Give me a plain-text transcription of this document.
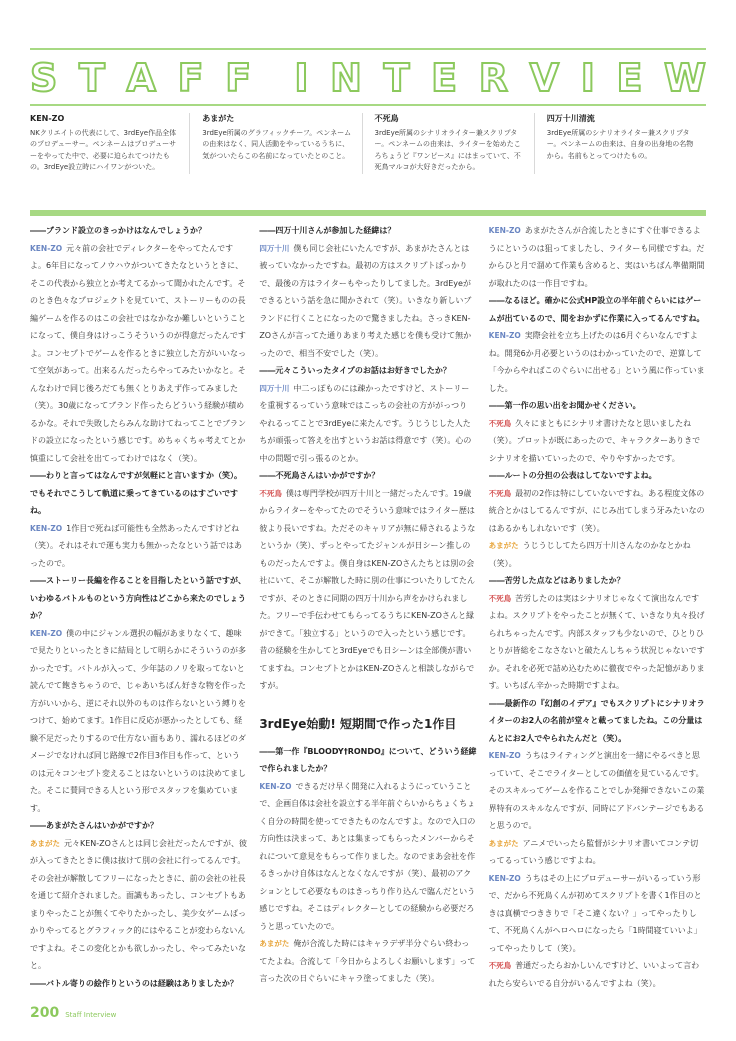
S T A F F I N T E R V I E W
KEN-ZO
NKクリエイトの代表にして、3rdEye作品全体のプロデューサー。ペンネームはプロデューサーをやってた中で、必要に迫られてつけたもの。3rdEye設立時にハイワンがついた。
あまがた
3rdEye所属のグラフィックチーフ。ペンネームの由来はなく、同人活動をやっているうちに、気がついたらこの名前になっていたとのこと。
不死鳥
3rdEye所属のシナリオライター兼スクリプター。ペンネームの由来は、ライターを始めたころちょうど『ワンピース』にはまっていて、不死鳥マルコが大好きだったから。
四万十川清流
3rdEye所属のシナリオライター兼スクリプター。ペンネームの由来は、自身の出身地の名物から。名前もとってつけたもの。

――ブランド設立のきっかけはなんでしょうか？

KEN-ZO 元々前の会社でディレクターをやってたんですよ。6年目になってノウハウがついてきたなというときに、そこの代表から独立とか考えてるかって聞かれたんです。そのとき色々なプロジェクトを見ていて、ストーリーものの長編ゲームを作るのはこの会社ではなかなか難しいということになって、僕自身はけっこうそういうのが得意だったんですよ。コンセプトでゲームを作るときに独立した方がいいなって空気があって。出来るんだったらやってみたいかなと。そんなわけで同じ後ろだても無くとりあえず作ってみました（笑）。30歳になってブランド作ったらどういう経験が積めるかな。それで失敗したらみんな助けてねってことでブランドの設立になったという感じです。めちゃくちゃ考えてとか慎重にして会社を出てってわけではなく（笑）。

――わりと言ってはなんですが気軽にと言いますか（笑）。でもそれでこうして軌道に乗ってきているのはすごいですね。

KEN-ZO 1作目で死ねば可能性も全然あったんですけどね（笑）。それはそれで運も実力も無かったなという話ではあったので。

――ストーリー長編を作ることを目指したという話ですが、いわゆるバトルものという方向性はどこから来たのでしょうか？

KEN-ZO 僕の中にジャンル選択の幅があまりなくて、趣味で見たりといったときに結局として明らかにそういうのが多かったです。バトルが入って、少年誌のノリを取ってないと読んでて飽きちゃうので、じゃあいちばん好きな物を作った方がいいから、逆にそれ以外のものは作らないという縛りをつけて、始めてます。1作目に反応が悪かったとしても、経験不足だったりするので仕方ない面もあり、濡れるほどのダメージでなければ同じ路線で2作目3作目も作って、というのは元々コンセプト変えることはないというのは決めてました。そこに賛同できる人という形でスタッフを集めています。

――あまがたさんはいかがですか？

あまがた 元々KEN-ZOさんとは同じ会社だったんですが、彼が入ってきたときに僕は抜けて別の会社に行ってるんです。その会社が解散してフリーになったときに、前の会社の社長を通じて紹介されました。面識もあったし、コンセプトもあまりやったことが無くてやりたかったし、美少女ゲームばっかりやってるとグラフィック的にはやることが変わらないんですよね。そこの変化とかも欲しかったし、やってみたいなと。

――バトル寄りの絵作りというのは経験はありましたか？

――四万十川さんが参加した経緯は？

四万十川 僕も同じ会社にいたんですが、あまがたさんとは被っていなかったですね。最初の方はスクリプトばっかりで、最後の方はライターもやったりしてました。3rdEyeができるという話を急に聞かされて（笑）。いきなり新しいブランドに行くことになったので驚きましたね。さっきKEN-ZOさんが言ってた通りあまり考えた感じを僕も受けて無かったので、相当不安でした（笑）。

――元々こういったタイプのお話はお好きでしたか？

四万十川 中二っぽものには疎かったですけど、ストーリーを重視するっていう意味ではこっちの会社の方ががっつり やれるってことで3rdEyeに来たんです。うじうじした人たちが頑張って答えを出すというお話は得意です（笑）。心の中の問題で引っ張るのとか。

――不死鳥さんはいかがですか？

不死鳥 僕は専門学校が四万十川と一緒だったんです。19歳からライターをやってたのでそういう意味ではライター歴は彼より長いですね。ただそのキャリアが無に帰されるようなというか（笑）、ずっとやってたジャンルが日シーン推しのものだったんですよ。僕自身はKEN-ZOさんたちとは別の会社にいて、そこが解散した時に別の仕事についたりしてたんですが、そのときに同期の四万十川から声をかけられました。フリーで手伝わせてもらってるうちにKEN-ZOさんと縁ができて。「独立する」というので入ったという感じです。昔の経験を生かしてと3rdEyeでも日シーンは全部僕が書いてますね。コンセプトとかはKEN-ZOさんと相談しながらですが。

3rdEye始動! 短期間で作った1作目

――第一作『BLOODY†RONDO』について、どういう経緯で作られましたか？

KEN-ZO できるだけ早く開発に入れるようにっていうことで、企画自体は会社を設立する半年前ぐらいからちょくちょく自分の時間を使ってできたものなんですよ。なので入口の方向性は決まって、あとは集まってもらったメンバーからそれについて意見をもらって作りました。なのでまあ会社を作るきっかけ自体はなんとなくなんですが（笑）、最初のアクションとして必要なものはきっちり作り込んで臨んだという感じですね。そこはディレクターとしての経験から必要だろうと思っていたので。

あまがた 俺が合流した時にはキャラデザ半分ぐらい終わってたよね。合流して「今日からよろしくお願いします」って言った次の日ぐらいにキャラ塗ってました（笑）。

KEN-ZO あまがたさんが合流したときにすぐ仕事できるようにというのは狙ってましたし、ライターも同様ですね。だからひと月で溜めて作業も含めると、実はいちばん準備期間が取れたのは一作目ですね。

――なるほど。確かに公式HP設立の半年前ぐらいにはゲームが出ているので、間をおかずに作業に入ってるんですね。

KEN-ZO 実際会社を立ち上げたのは6月ぐらいなんですよね。開発6か月必要というのはわかっていたので、逆算して「今からやればこのぐらいに出せる」という風に作っていました。

――第一作の思い出をお聞かせください。

不死鳥 久々にまともにシナリオ書けたなと思いましたね（笑）。プロットが既にあったので、キャラクターありきでシナリオを描いていったので、やりやすかったです。

――ルートの分担の公表はしてないですよね。

不死鳥 最初の2作は特にしていないですね。ある程度文体の統合とかはしてるんですが、にじみ出てしまう牙みたいなのはあるかもしれないです（笑）。

あまがた うじうじしてたら四万十川さんなのかなとかね（笑）。

――苦労した点などはありましたか？

不死鳥 苦労したのは実はシナリオじゃなくて演出なんですよね。スクリプトをやったことが無くて、いきなり丸々投げられちゃったんです。内部スタッフも少ないので、ひとりひとりが皆総をこなさないと破たんしちゃう状況じゃないですか。それを必死で詰め込むために徹夜でやった記憶があります。いちばん辛かった時期ですよね。

――最新作の『幻創のイデア』でもスクリプトにシナリオライターのお2人の名前が堂々と載ってましたね。この分量はんとにお2人でやられたんだと（笑）。

KEN-ZO うちはライティングと演出を一緒にやるべきと思っていて、そこでライターとしての価値を見ているんです。そのスキルってゲームを作ることでしか発揮できないこの業界特有のスキルなんですが、同時にアドバンテージでもあると思うので。

あまがた アニメでいったら監督がシナリオ書いてコンテ切ってるっていう感じですよね。

KEN-ZO うちはその上にプロデューサーがいるっていう形で、だから不死鳥くんが初めてスクリプトを書く1作目のときは真横でつききりで「そこ違くない？」ってやったりして、不死鳥くんがヘロヘロになったら「1時間寝ていいよ」ってやったりして（笑）。

不死鳥 普通だったらおかしいんですけど、いいよって言われたら安らいでる自分がいるんですよね（笑）。

200 Staff Interview
